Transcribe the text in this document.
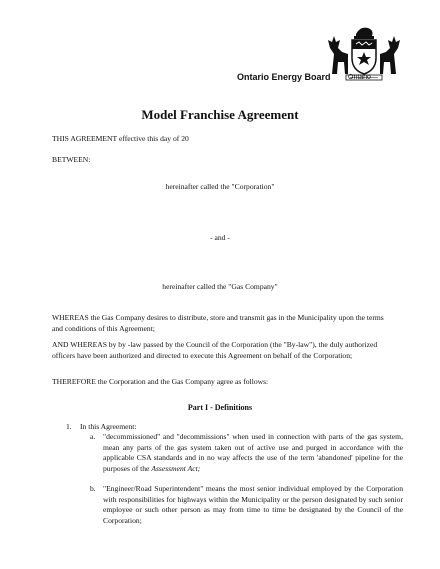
Ontario Energy Board Ontario
Model Franchise Agreement
THIS AGREEMENT effective this day of 20
BETWEEN:
hereinafter called the "Corporation"
- and -
hereinafter called the "Gas Company"
WHEREAS the Gas Company desires to distribute, store and transmit gas in the Municipality upon the terms and conditions of this Agreement;
AND WHEREAS by by -law passed by the Council of the Corporation (the "By-law"), the duly authorized officers have been authorized and directed to execute this Agreement on behalf of the Corporation;
THEREFORE the Corporation and the Gas Company agree as follows:
Part I - Definitions
1. In this Agreement:
a. "decommissioned" and "decommissions" when used in connection with parts of the gas system, mean any parts of the gas system taken out of active use and purged in accordance with the applicable CSA standards and in no way affects the use of the term 'abandoned' pipeline for the purposes of the Assessment Act;
b. "Engineer/Road Superintendent" means the most senior individual employed by the Corporation with responsibilities for highways within the Municipality or the person designated by such senior employee or such other person as may from time to time be designated by the Council of the Corporation;
